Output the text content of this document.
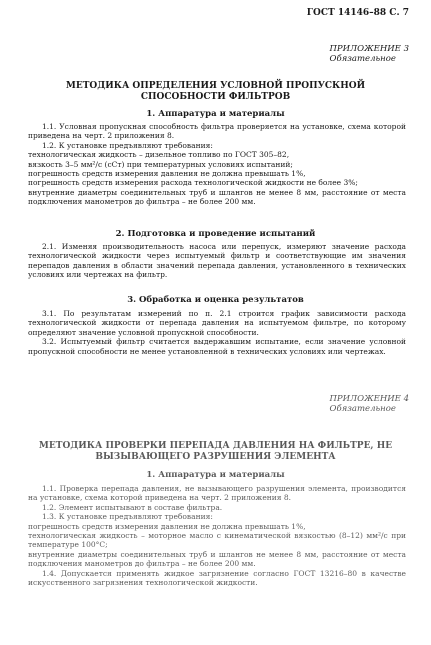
ГОСТ 14146–88 С. 7
ПРИЛОЖЕНИЕ 3
Обязательное
МЕТОДИКА ОПРЕДЕЛЕНИЯ УСЛОВНОЙ ПРОПУСКНОЙ СПОСОБНОСТИ ФИЛЬТРОВ
1. Аппаратура и материалы

1.1. Условная пропускная способность фильтра проверяется на установке, схема которой приведена на черт. 2 приложения 8.

1.2. К установке предъявляют требования:

технологическая жидкость – дизельное топливо по ГОСТ 305–82,

вязкость 3–5 мм²/с (сСт) при температурных условиях испытаний;

погрешность средств измерения давления не должна превышать 1%,

погрешность средств измерения расхода технологической жидкости не более 3%;

внутренние диаметры соединительных труб и шлангов не менее 8 мм, расстояние от места подключения манометров до фильтра – не более 200 мм.

2. Подготовка и проведение испытаний

2.1. Изменяя производительность насоса или перепуск, измеряют значение расхода технологической жидкости через испытуемый фильтр и соответствующие им значения перепадов давления в области значений перепада давления, установленного в технических условиях или чертежах на фильтр.

3. Обработка и оценка результатов

3.1. По результатам измерений по п. 2.1 строится график зависимости расхода технологической жидкости от перепада давления на испытуемом фильтре, по которому определяют значение условной пропускной способности.

3.2. Испытуемый фильтр считается выдержавшим испытание, если значение условной пропускной способности не менее установленной в технических условиях или чертежах.

ПРИЛОЖЕНИЕ 4
Обязательное
МЕТОДИКА ПРОВЕРКИ ПЕРЕПАДА ДАВЛЕНИЯ НА ФИЛЬТРЕ, НЕ ВЫЗЫВАЮЩЕГО РАЗРУШЕНИЯ ЭЛЕМЕНТА
1. Аппаратура и материалы

1.1. Проверка перепада давления, не вызывающего разрушения элемента, производится на установке, схема которой приведена на черт. 2 приложения 8.

1.2. Элемент испытывают в составе фильтра.

1.3. К установке предъявляют требования:

погрешность средств измерения давления не должна превышать 1%,

технологическая жидкость – моторное масло с кинематической вязкостью (8–12) мм²/с при температуре 100°C;

внутренние диаметры соединительных труб и шлангов не менее 8 мм, расстояние от места подключения манометров до фильтра – не более 200 мм.

1.4. Допускается применять жидкое загрязнение согласно ГОСТ 13216–80 в качестве искусственного загрязнения технологической жидкости.
